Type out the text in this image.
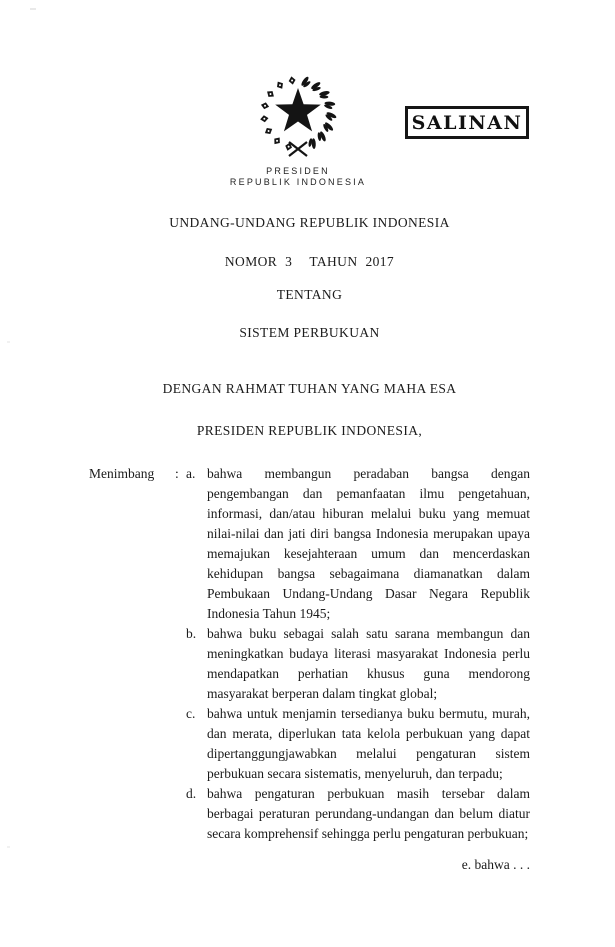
SALINAN
PRESIDEN
REPUBLIK INDONESIA
UNDANG-UNDANG REPUBLIK INDONESIA
NOMOR 3 TAHUN 2017
TENTANG
SISTEM PERBUKUAN
DENGAN RAHMAT TUHAN YANG MAHA ESA
PRESIDEN REPUBLIK INDONESIA,
Menimbang	: a. bahwa membangun peradaban bangsa dengan pengembangan dan pemanfaatan ilmu pengetahuan, informasi, dan/atau hiburan melalui buku yang memuat nilai-nilai dan jati diri bangsa Indonesia merupakan upaya memajukan kesejahteraan umum dan mencerdaskan kehidupan bangsa sebagaimana diamanatkan dalam Pembukaan Undang-Undang Dasar Negara Republik Indonesia Tahun 1945;
b. bahwa buku sebagai salah satu sarana membangun dan meningkatkan budaya literasi masyarakat Indonesia perlu mendapatkan perhatian khusus guna mendorong masyarakat berperan dalam tingkat global;
c. bahwa untuk menjamin tersedianya buku bermutu, murah, dan merata, diperlukan tata kelola perbukuan yang dapat dipertanggungjawabkan melalui pengaturan sistem perbukuan secara sistematis, menyeluruh, dan terpadu;
d. bahwa pengaturan perbukuan masih tersebar dalam berbagai peraturan perundang-undangan dan belum diatur secara komprehensif sehingga perlu pengaturan perbukuan;
e. bahwa . . .
